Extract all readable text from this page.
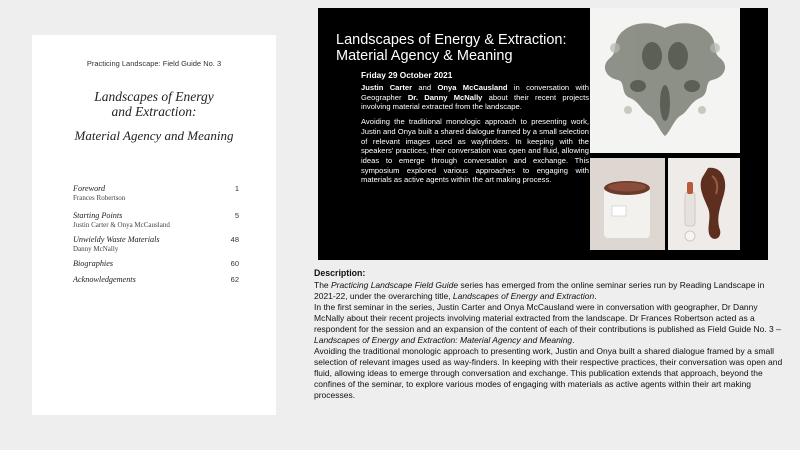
Practicing Landscape: Field Guide No. 3
Landscapes of Energy
and Extraction:
Material Agency and Meaning
Foreword
Frances Robertson
1
Starting Points
Justin Carter & Onya McCausland
5
Unwieldy Waste Materials
Danny McNally
48
Biographies	60
Acknowledgements	62
Landscapes of Energy & Extraction:
Material Agency & Meaning
Friday 29 October 2021

Justin Carter and Onya McCausland in conversation with Geographer Dr. Danny McNally about their recent projects involving material extracted from the landscape.

Avoiding the traditional monologic approach to presenting work, Justin and Onya built a shared dialogue framed by a small selection of relevant images used as wayfinders. In keeping with the speakers' practices, their conversation was open and fluid, allowing ideas to emerge through conversation and exchange. This symposium explored various approaches to engaging with materials as active agents within the art making process.

Description:

The Practicing Landscape Field Guide series has emerged from the online seminar series run by Reading Landscape in 2021-22, under the overarching title, Landscapes of Energy and Extraction.

In the first seminar in the series, Justin Carter and Onya McCausland were in conversation with geographer, Dr Danny McNally about their recent projects involving material extracted from the landscape. Dr Frances Robertson acted as a respondent for the session and an expansion of the content of each of their contributions is published as Field Guide No. 3 – Landscapes of Energy and Extraction: Material Agency and Meaning.

Avoiding the traditional monologic approach to presenting work, Justin and Onya built a shared dialogue framed by a small selection of relevant images used as way-finders. In keeping with their respective practices, their conversation was open and fluid, allowing ideas to emerge through conversation and exchange. This publication extends that approach, beyond the confines of the seminar, to explore various modes of engaging with materials as active agents within their art making processes.
